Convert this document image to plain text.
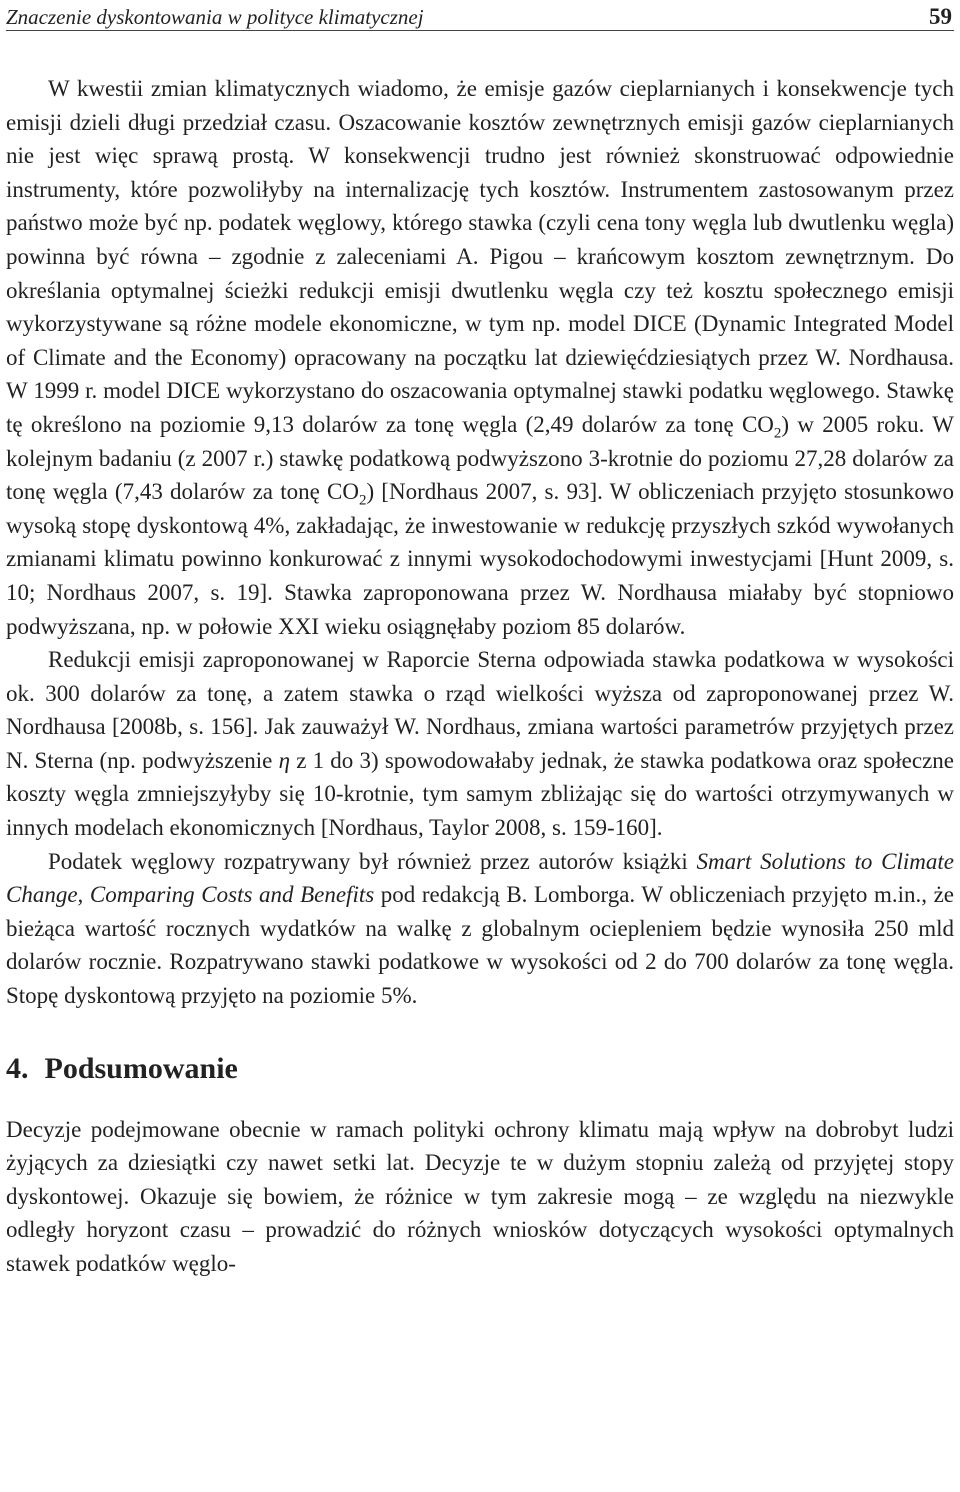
Znaczenie dyskontowania w polityce klimatycznej	59

W kwestii zmian klimatycznych wiadomo, że emisje gazów cieplarnianych i konsekwencje tych emisji dzieli długi przedział czasu. Oszacowanie kosztów zewnętrznych emisji gazów cieplarnianych nie jest więc sprawą prostą. W konsekwencji trudno jest również skonstruować odpowiednie instrumenty, które pozwoliłyby na internalizację tych kosztów. Instrumentem zastosowanym przez państwo może być np. podatek węglowy, którego stawka (czyli cena tony węgla lub dwutlenku węgla) powinna być równa – zgodnie z zaleceniami A. Pigou – krańcowym kosztom zewnętrznym. Do określania optymalnej ścieżki redukcji emisji dwutlenku węgla czy też kosztu społecznego emisji wykorzystywane są różne modele ekonomiczne, w tym np. model DICE (Dynamic Integrated Model of Climate and the Economy) opracowany na początku lat dziewięćdziesiątych przez W. Nordhausa. W 1999 r. model DICE wykorzystano do oszacowania optymalnej stawki podatku węglowego. Stawkę tę określono na poziomie 9,13 dolarów za tonę węgla (2,49 dolarów za tonę $CO_2$) w 2005 roku. W kolejnym badaniu (z 2007 r.) stawkę podatkową podwyższono 3-krotnie do poziomu 27,28 dolarów za tonę węgla (7,43 dolarów za tonę $CO_2$) [Nordhaus 2007, s. 93]. W obliczeniach przyjęto stosunkowo wysoką stopę dyskontową 4%, zakładając, że inwestowanie w redukcję przyszłych szkód wywołanych zmianami klimatu powinno konkurować z innymi wysokodochodowymi inwestycjami [Hunt 2009, s. 10; Nordhaus 2007, s. 19]. Stawka zaproponowana przez W. Nordhausa miałaby być stopniowo podwyższana, np. w połowie XXI wieku osiągnęłaby poziom 85 dolarów.

Redukcji emisji zaproponowanej w Raporcie Sterna odpowiada stawka podatkowa w wysokości ok. 300 dolarów za tonę, a zatem stawka o rząd wielkości wyższa od zaproponowanej przez W. Nordhausa [2008b, s. 156]. Jak zauważył W. Nordhaus, zmiana wartości parametrów przyjętych przez N. Sterna (np. podwyższenie η z 1 do 3) spowodowałaby jednak, że stawka podatkowa oraz społeczne koszty węgla zmniejszyłyby się 10-krotnie, tym samym zbliżając się do wartości otrzymywanych w innych modelach ekonomicznych [Nordhaus, Taylor 2008, s. 159-160].

Podatek węglowy rozpatrywany był również przez autorów książki Smart Solutions to Climate Change, Comparing Costs and Benefits pod redakcją B. Lomborga. W obliczeniach przyjęto m.in., że bieżąca wartość rocznych wydatków na walkę z globalnym ociepleniem będzie wynosiła 250 mld dolarów rocznie. Rozpatrywano stawki podatkowe w wysokości od 2 do 700 dolarów za tonę węgla. Stopę dyskontową przyjęto na poziomie 5%.

4. Podsumowanie

Decyzje podejmowane obecnie w ramach polityki ochrony klimatu mają wpływ na dobrobyt ludzi żyjących za dziesiątki czy nawet setki lat. Decyzje te w dużym stopniu zależą od przyjętej stopy dyskontowej. Okazuje się bowiem, że różnice w tym zakresie mogą – ze względu na niezwykle odległy horyzont czasu – prowadzić do różnych wniosków dotyczących wysokości optymalnych stawek podatków węglo-
